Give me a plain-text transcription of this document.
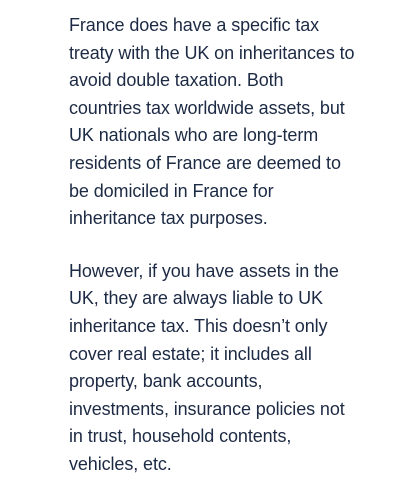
France does have a specific tax treaty with the UK on inheritances to avoid double taxation. Both countries tax worldwide assets, but UK nationals who are long-term residents of France are deemed to be domiciled in France for inheritance tax purposes.

However, if you have assets in the UK, they are always liable to UK inheritance tax. This doesn’t only cover real estate; it includes all property, bank accounts, investments, insurance policies not in trust, household contents, vehicles, etc.
